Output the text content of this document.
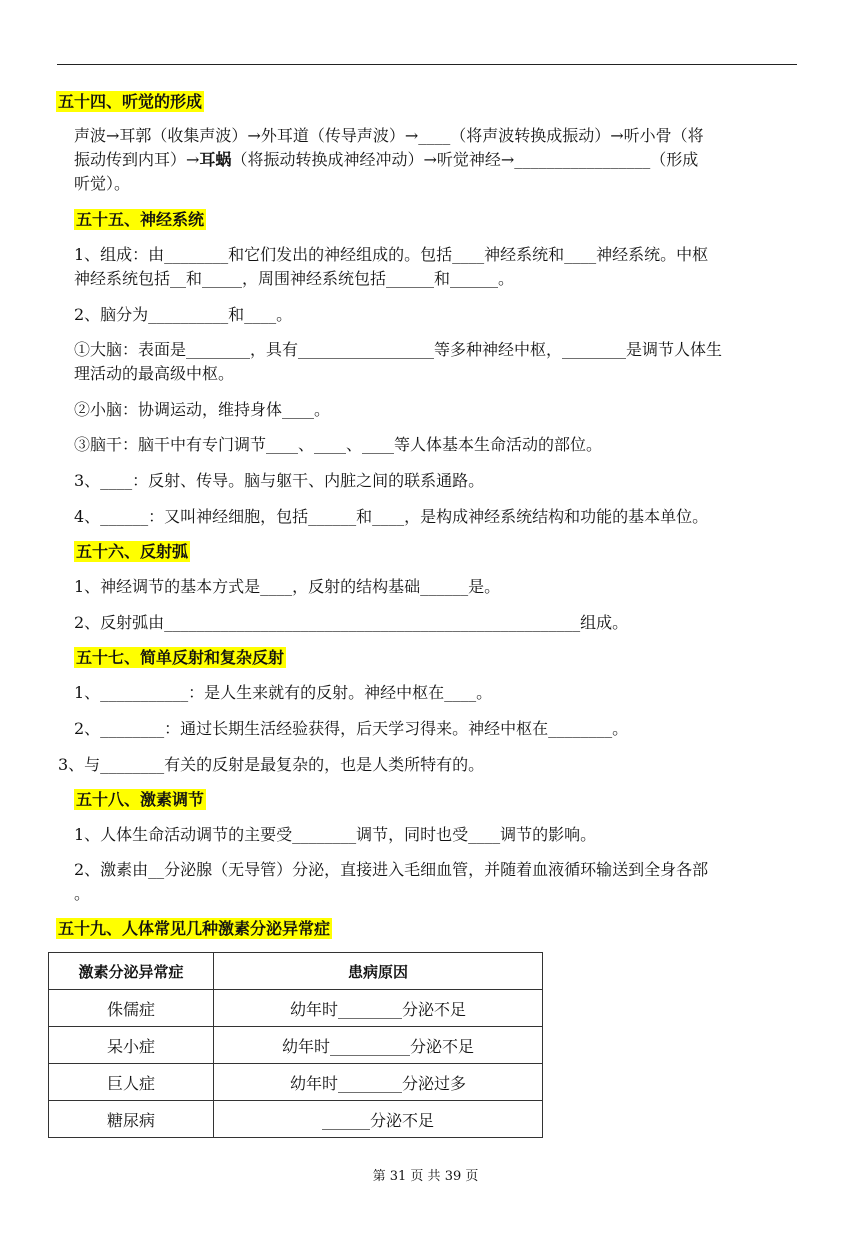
五十四、听觉的形成
声波→耳郭（收集声波）→外耳道（传导声波）→____（将声波转换成振动）→听小骨（将
振动传到内耳）→耳蜗（将振动转换成神经冲动）→听觉神经→_________________（形成
听觉）。
五十五、神经系统
1、组成：由________和它们发出的神经组成的。包括____神经系统和____神经系统。中枢
神经系统包括__和_____，周围神经系统包括______和______。
2、脑分为__________和____。
①大脑：表面是________，具有_________________等多种神经中枢，________是调节人体生
理活动的最高级中枢。
②小脑：协调运动，维持身体____。
③脑干：脑干中有专门调节____、____、____等人体基本生命活动的部位。
3、____：反射、传导。脑与躯干、内脏之间的联系通路。
4、______：又叫神经细胞，包括______和____，是构成神经系统结构和功能的基本单位。
五十六、反射弧
1、神经调节的基本方式是____，反射的结构基础______是。
2、反射弧由____________________________________________________组成。
五十七、简单反射和复杂反射
1、___________：是人生来就有的反射。神经中枢在____。
2、________：通过长期生活经验获得，后天学习得来。神经中枢在________。
3、与________有关的反射是最复杂的，也是人类所特有的。
五十八、激素调节
1、人体生命活动调节的主要受________调节，同时也受____调节的影响。
2、激素由__分泌腺（无导管）分泌，直接进入毛细血管，并随着血液循环输送到全身各部
。
五十九、人体常见几种激素分泌异常症
激素分泌异常症	患病原因
侏儒症	幼年时________分泌不足
呆小症	幼年时__________分泌不足
巨人症	幼年时________分泌过多
糖尿病	______分泌不足
第 31 页 共 39 页
